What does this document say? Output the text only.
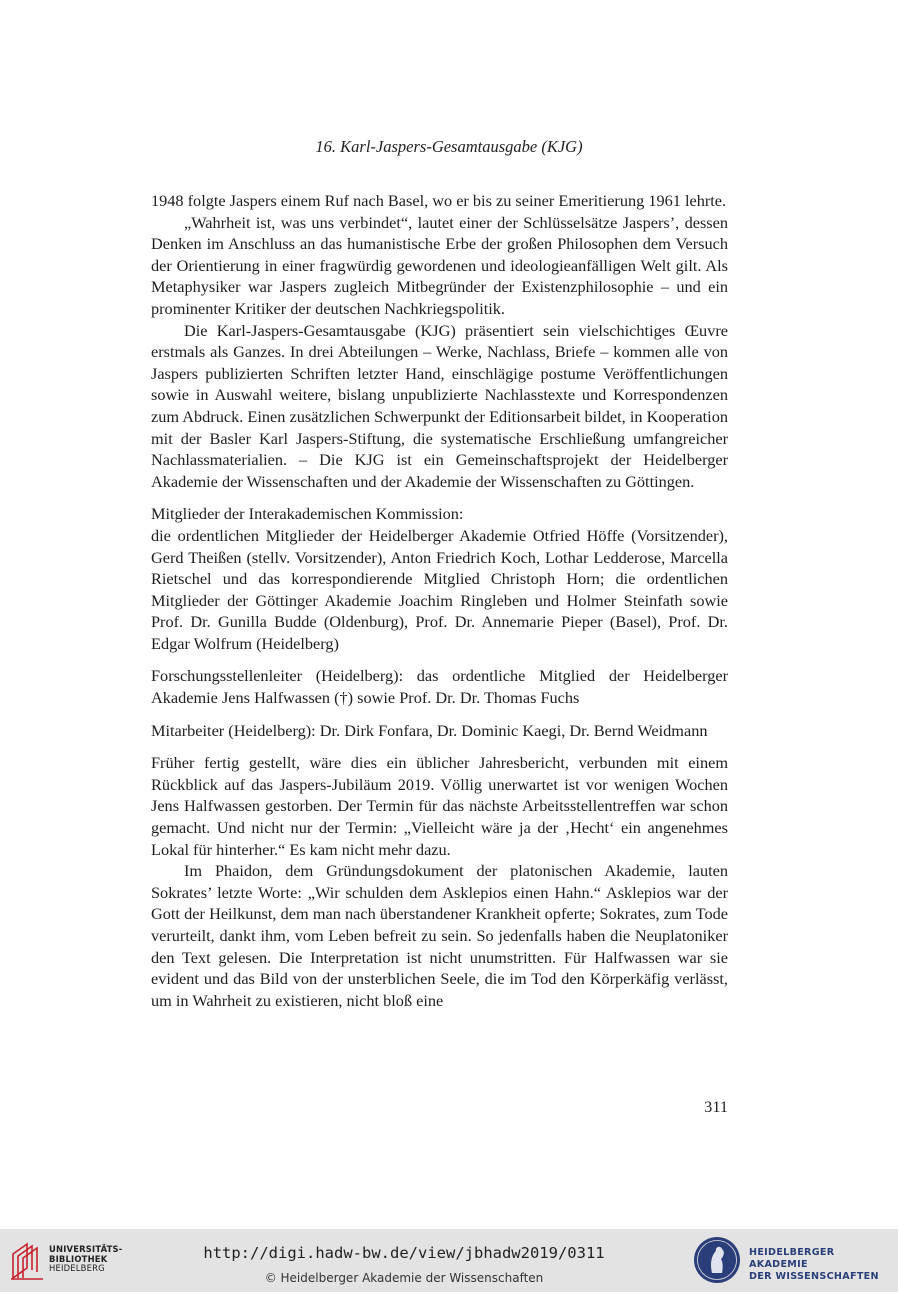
16. Karl-Jaspers-Gesamtausgabe (KJG)

1948 folgte Jaspers einem Ruf nach Basel, wo er bis zu seiner Emeritierung 1961 lehrte.

„Wahrheit ist, was uns verbindet“, lautet einer der Schlüsselsätze Jaspers’, dessen Denken im Anschluss an das humanistische Erbe der großen Philosophen dem Versuch der Orientierung in einer fragwürdig gewordenen und ideologieanfälligen Welt gilt. Als Metaphysiker war Jaspers zugleich Mitbegründer der Existenzphilosophie – und ein prominenter Kritiker der deutschen Nachkriegspolitik.

Die Karl-Jaspers-Gesamtausgabe (KJG) präsentiert sein vielschichtiges Œuvre erstmals als Ganzes. In drei Abteilungen – Werke, Nachlass, Briefe – kommen alle von Jaspers publizierten Schriften letzter Hand, einschlägige postume Veröffentlichungen sowie in Auswahl weitere, bislang unpublizierte Nachlasstexte und Korrespondenzen zum Abdruck. Einen zusätzlichen Schwerpunkt der Editionsarbeit bildet, in Kooperation mit der Basler Karl Jaspers-Stiftung, die systematische Erschließung umfangreicher Nachlassmaterialien. – Die KJG ist ein Gemeinschaftsprojekt der Heidelberger Akademie der Wissenschaften und der Akademie der Wissenschaften zu Göttingen.

Mitglieder der Interakademischen Kommission:

die ordentlichen Mitglieder der Heidelberger Akademie Otfried Höffe (Vorsitzender), Gerd Theißen (stellv. Vorsitzender), Anton Friedrich Koch, Lothar Ledderose, Marcella Rietschel und das korrespondierende Mitglied Christoph Horn; die ordentlichen Mitglieder der Göttinger Akademie Joachim Ringleben und Holmer Steinfath sowie Prof. Dr. Gunilla Budde (Oldenburg), Prof. Dr. Annemarie Pieper (Basel), Prof. Dr. Edgar Wolfrum (Heidelberg)

Forschungsstellenleiter (Heidelberg): das ordentliche Mitglied der Heidelberger Akademie Jens Halfwassen (†) sowie Prof. Dr. Dr. Thomas Fuchs

Mitarbeiter (Heidelberg): Dr. Dirk Fonfara, Dr. Dominic Kaegi, Dr. Bernd Weidmann

Früher fertig gestellt, wäre dies ein üblicher Jahresbericht, verbunden mit einem Rückblick auf das Jaspers-Jubiläum 2019. Völlig unerwartet ist vor wenigen Wochen Jens Halfwassen gestorben. Der Termin für das nächste Arbeitsstellentreffen war schon gemacht. Und nicht nur der Termin: „Vielleicht wäre ja der ‚Hecht‘ ein angenehmes Lokal für hinterher.“ Es kam nicht mehr dazu.

Im Phaidon, dem Gründungsdokument der platonischen Akademie, lauten Sokrates’ letzte Worte: „Wir schulden dem Asklepios einen Hahn.“ Asklepios war der Gott der Heilkunst, dem man nach überstandener Krankheit opferte; Sokrates, zum Tode verurteilt, dankt ihm, vom Leben befreit zu sein. So jedenfalls haben die Neuplatoniker den Text gelesen. Die Interpretation ist nicht unumstritten. Für Halfwassen war sie evident und das Bild von der unsterblichen Seele, die im Tod den Körperkäfig verlässt, um in Wahrheit zu existieren, nicht bloß eine

311
UNIVERSITÄTS-
BIBLIOTHEK
HEIDELBERG
http://digi.hadw-bw.de/view/jbhadw2019/0311
© Heidelberger Akademie der Wissenschaften
HEIDELBERGER AKADEMIE
DER WISSENSCHAFTEN
